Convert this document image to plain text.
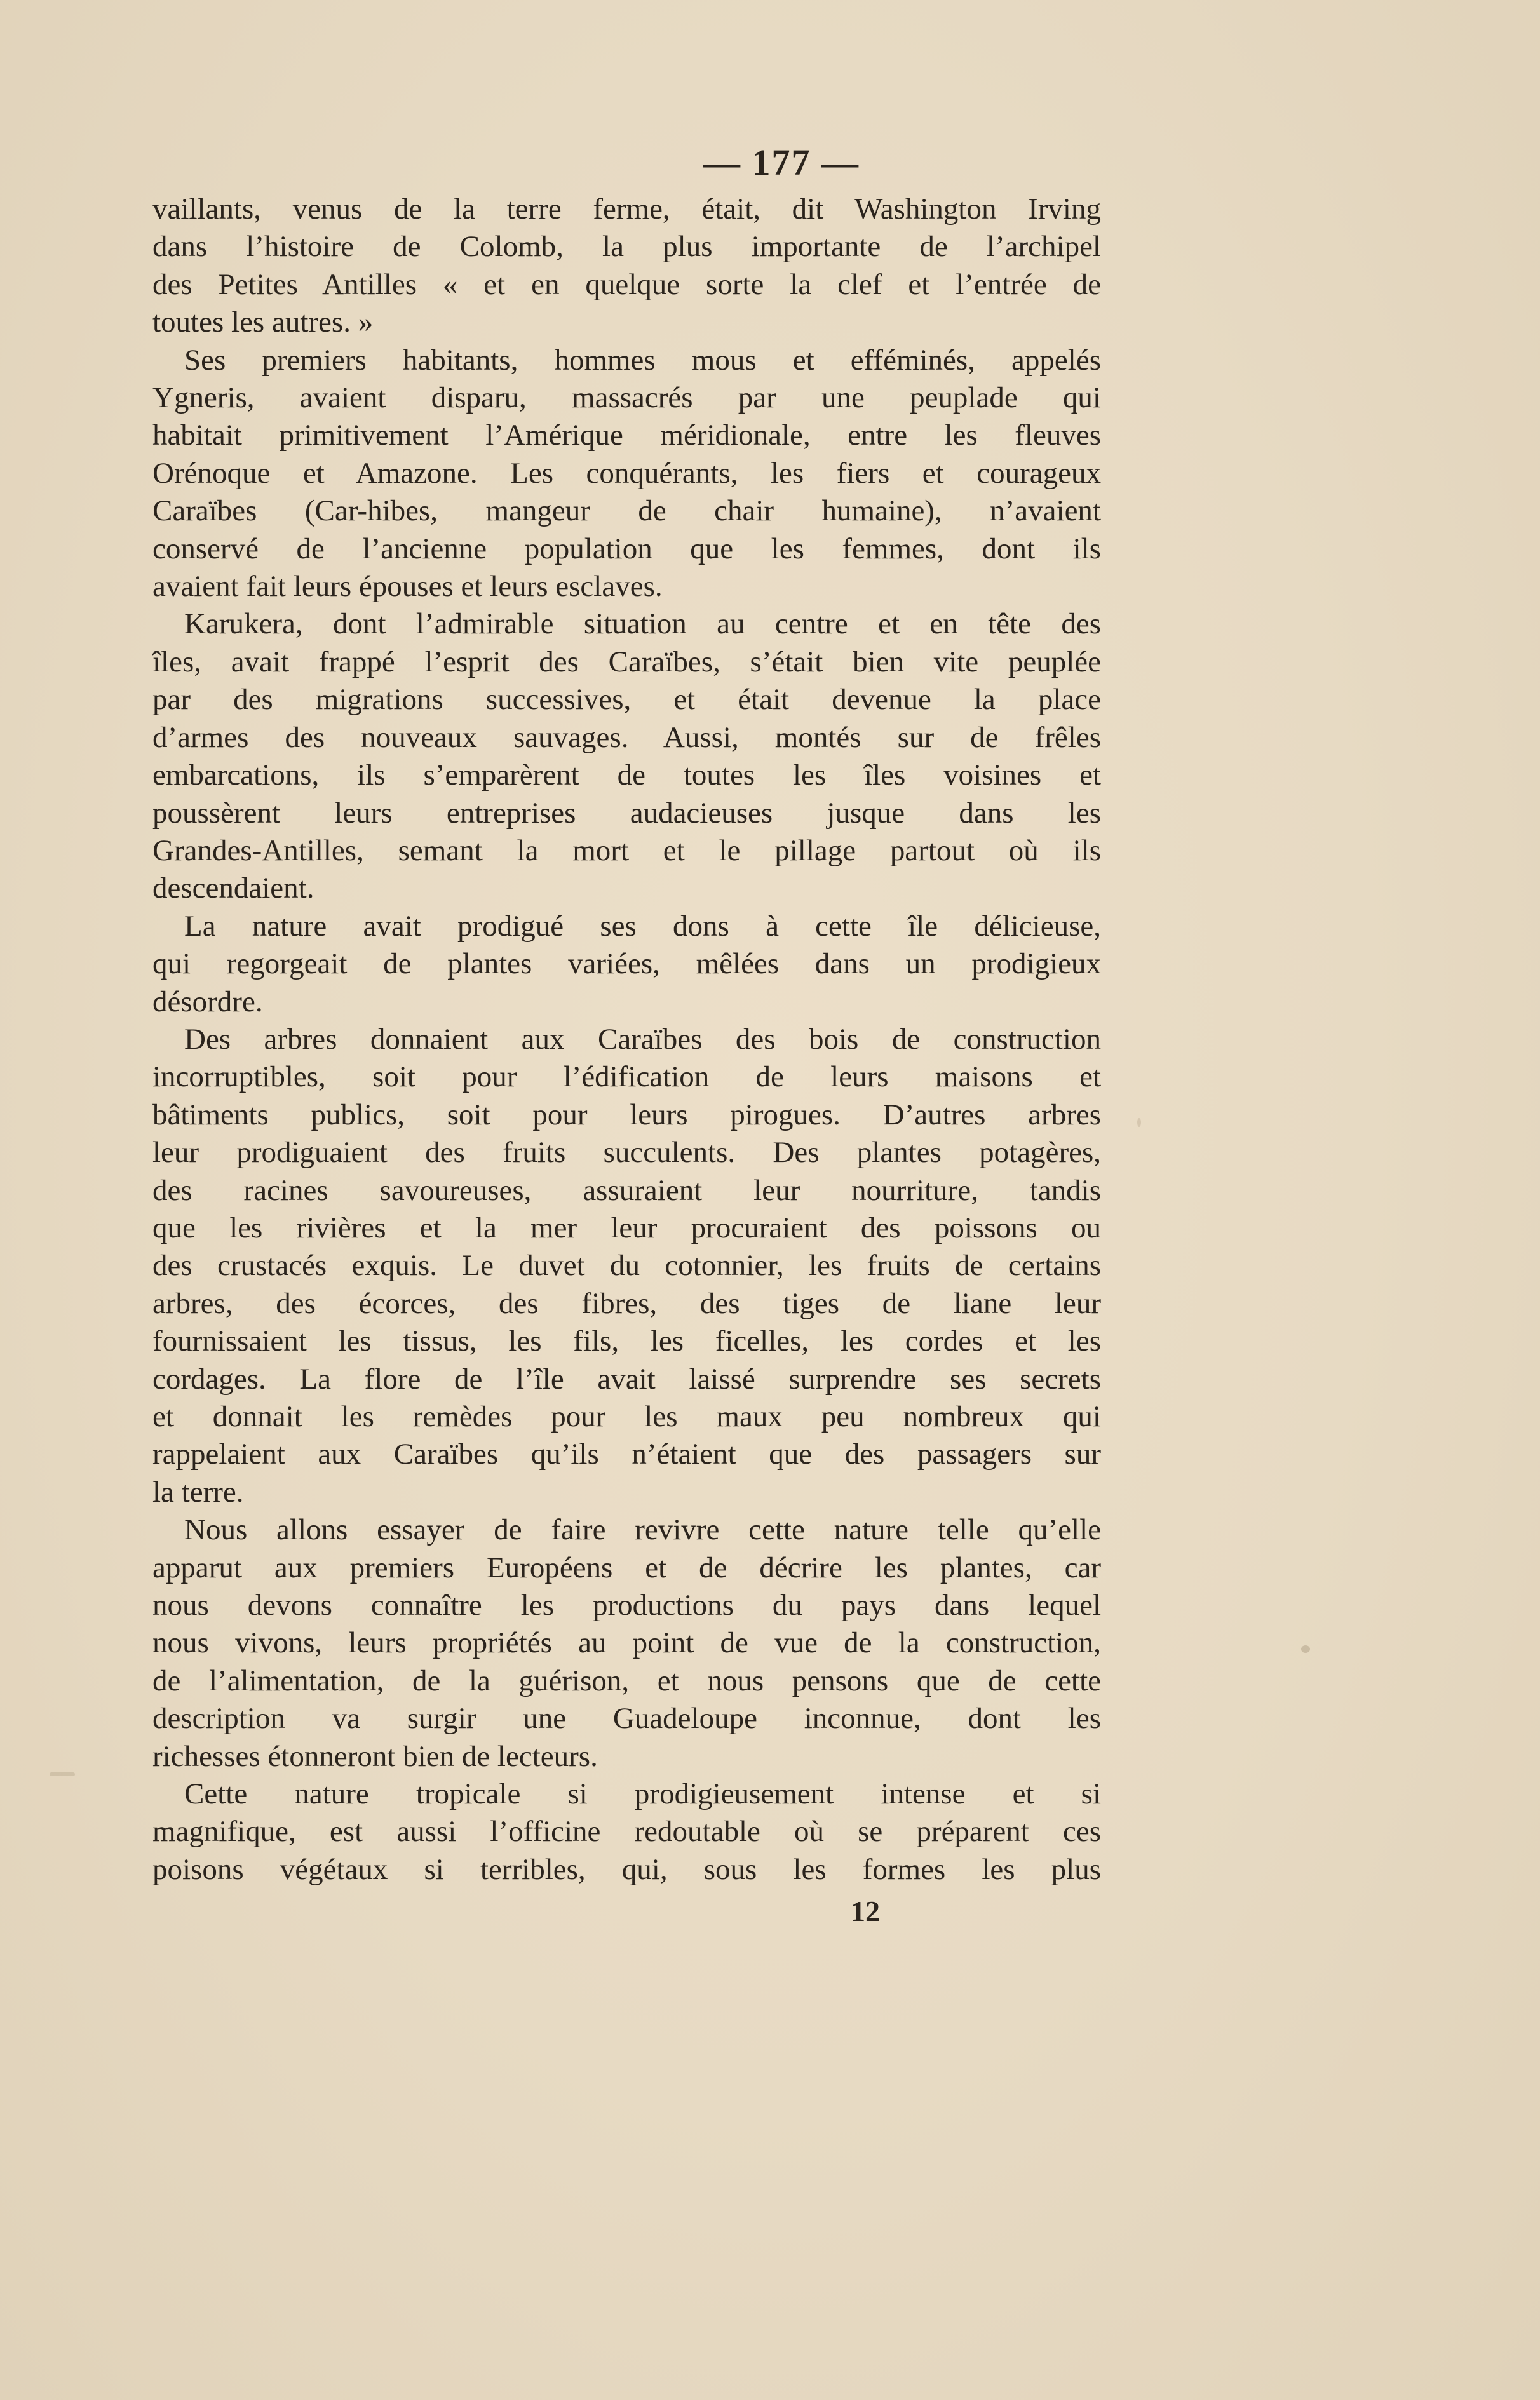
— 177 —
vaillants, venus de la terre ferme, était, dit Washington Irving
dans l’histoire de Colomb, la plus importante de l’archipel
des Petites Antilles « et en quelque sorte la clef et l’entrée de
toutes les autres. »
Ses premiers habitants, hommes mous et efféminés, appelés
Ygneris, avaient disparu, massacrés par une peuplade qui
habitait primitivement l’Amérique méridionale, entre les fleuves
Orénoque et Amazone. Les conquérants, les fiers et courageux
Caraïbes (Car-hibes, mangeur de chair humaine), n’avaient
conservé de l’ancienne population que les femmes, dont ils
avaient fait leurs épouses et leurs esclaves.
Karukera, dont l’admirable situation au centre et en tête des
îles, avait frappé l’esprit des Caraïbes, s’était bien vite peuplée
par des migrations successives, et était devenue la place
d’armes des nouveaux sauvages. Aussi, montés sur de frêles
embarcations, ils s’emparèrent de toutes les îles voisines et
poussèrent leurs entreprises audacieuses jusque dans les
Grandes-Antilles, semant la mort et le pillage partout où ils
descendaient.
La nature avait prodigué ses dons à cette île délicieuse,
qui regorgeait de plantes variées, mêlées dans un prodigieux
désordre.
Des arbres donnaient aux Caraïbes des bois de construction
incorruptibles, soit pour l’édification de leurs maisons et
bâtiments publics, soit pour leurs pirogues. D’autres arbres
leur prodiguaient des fruits succulents. Des plantes potagères,
des racines savoureuses, assuraient leur nourriture, tandis
que les rivières et la mer leur procuraient des poissons ou
des crustacés exquis. Le duvet du cotonnier, les fruits de certains
arbres, des écorces, des fibres, des tiges de liane leur
fournissaient les tissus, les fils, les ficelles, les cordes et les
cordages. La flore de l’île avait laissé surprendre ses secrets
et donnait les remèdes pour les maux peu nombreux qui
rappelaient aux Caraïbes qu’ils n’étaient que des passagers sur
la terre.
Nous allons essayer de faire revivre cette nature telle qu’elle
apparut aux premiers Européens et de décrire les plantes, car
nous devons connaître les productions du pays dans lequel
nous vivons, leurs propriétés au point de vue de la construction,
de l’alimentation, de la guérison, et nous pensons que de cette
description va surgir une Guadeloupe inconnue, dont les
richesses étonneront bien de lecteurs.
Cette nature tropicale si prodigieusement intense et si
magnifique, est aussi l’officine redoutable où se préparent ces
poisons végétaux si terribles, qui, sous les formes les plus
12
